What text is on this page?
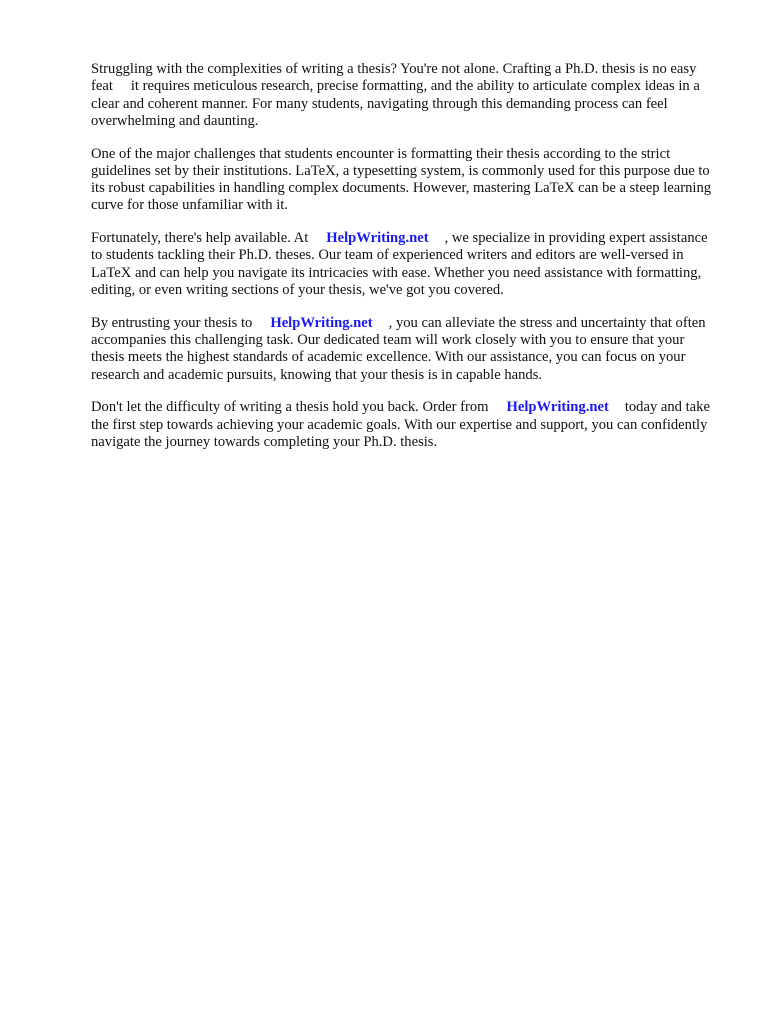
Struggling with the complexities of writing a thesis? You're not alone. Crafting a Ph.D. thesis is no easy feat it requires meticulous research, precise formatting, and the ability to articulate complex ideas in a clear and coherent manner. For many students, navigating through this demanding process can feel overwhelming and daunting.

One of the major challenges that students encounter is formatting their thesis according to the strict guidelines set by their institutions. LaTeX, a typesetting system, is commonly used for this purpose due to its robust capabilities in handling complex documents. However, mastering LaTeX can be a steep learning curve for those unfamiliar with it.

Fortunately, there's help available. At HelpWriting.net , we specialize in providing expert assistance to students tackling their Ph.D. theses. Our team of experienced writers and editors are well-versed in LaTeX and can help you navigate its intricacies with ease. Whether you need assistance with formatting, editing, or even writing sections of your thesis, we've got you covered.

By entrusting your thesis to HelpWriting.net , you can alleviate the stress and uncertainty that often accompanies this challenging task. Our dedicated team will work closely with you to ensure that your thesis meets the highest standards of academic excellence. With our assistance, you can focus on your research and academic pursuits, knowing that your thesis is in capable hands.

Don't let the difficulty of writing a thesis hold you back. Order from HelpWriting.net today and take the first step towards achieving your academic goals. With our expertise and support, you can confidently navigate the journey towards completing your Ph.D. thesis.
